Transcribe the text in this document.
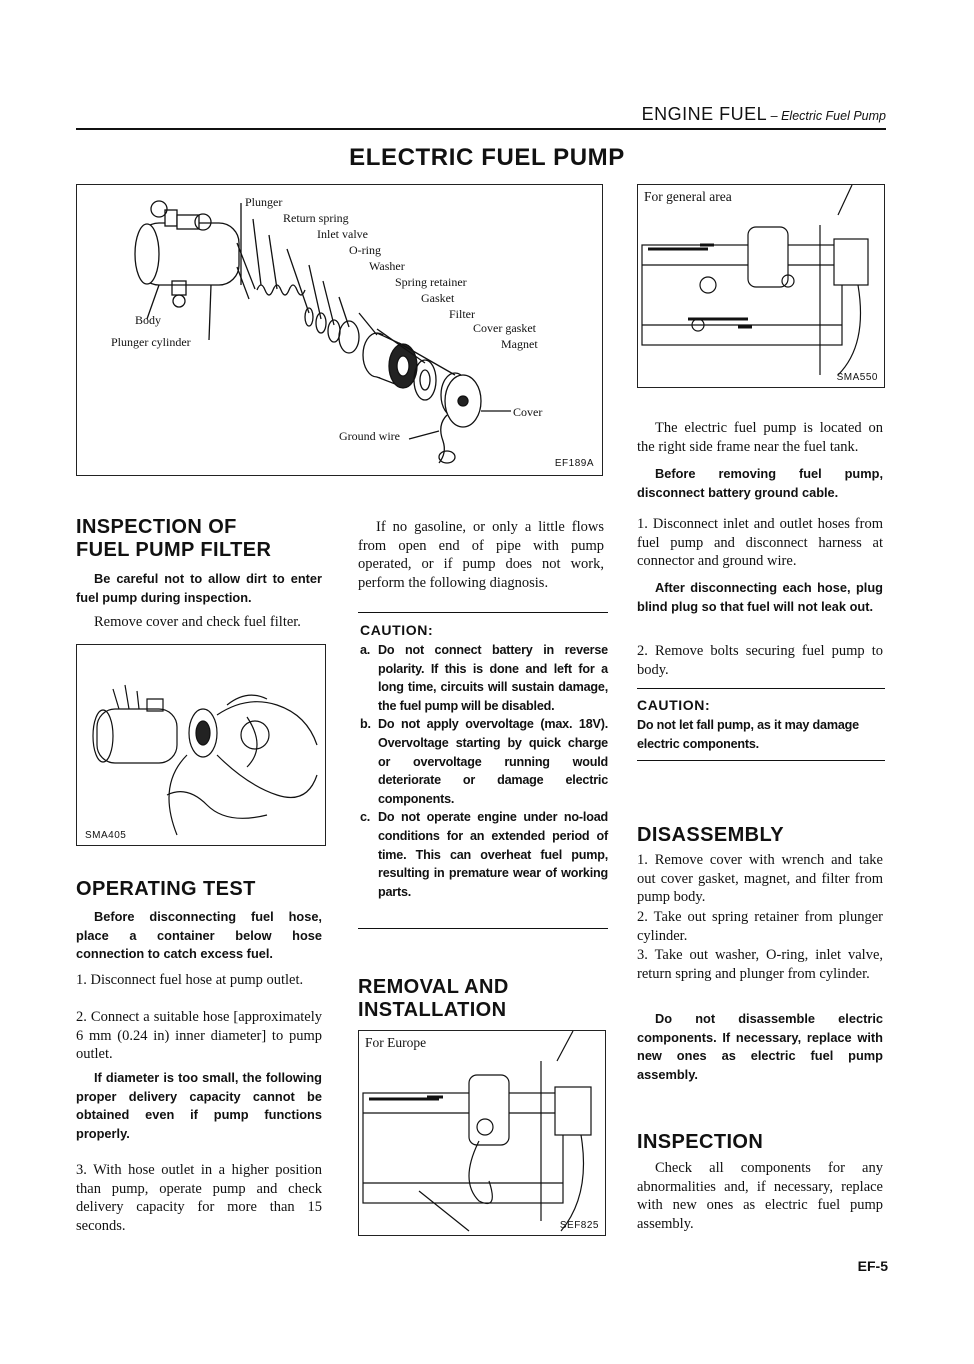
ENGINE FUEL – Electric Fuel Pump
ELECTRIC FUEL PUMP
Plunger
Return spring
Inlet valve
O-ring
Washer
Spring retainer
Gasket
Filter
Cover gasket
Magnet
Body
Plunger cylinder
Cover
Ground wire
EF189A
For general area
SMA550
The electric fuel pump is located on the right side frame near the fuel tank.
Before removing fuel pump, disconnect battery ground cable.
1. Disconnect inlet and outlet hoses from fuel pump and disconnect harness at connector and ground wire.
After disconnecting each hose, plug blind plug so that fuel will not leak out.
2. Remove bolts securing fuel pump to body.
CAUTION:
Do not let fall pump, as it may damage electric components.
DISASSEMBLY
1. Remove cover with wrench and take out cover gasket, magnet, and filter from pump body.
2. Take out spring retainer from plunger cylinder.
3. Take out washer, O-ring, inlet valve, return spring and plunger from cylinder.
Do not disassemble electric components. If necessary, replace with new ones as electric fuel pump assembly.
INSPECTION
Check all components for any abnormalities and, if necessary, replace with new ones as electric fuel pump assembly.
INSPECTION OF
FUEL PUMP FILTER
Be careful not to allow dirt to enter fuel pump during inspection.
Remove cover and check fuel filter.
SMA405
OPERATING TEST
Before disconnecting fuel hose, place a container below hose connection to catch excess fuel.
1. Disconnect fuel hose at pump outlet.
2. Connect a suitable hose [approximately 6 mm (0.24 in) inner diameter] to pump outlet.
If diameter is too small, the following proper delivery capacity cannot be obtained even if pump functions properly.
3. With hose outlet in a higher position than pump, operate pump and check delivery capacity for more than 15 seconds.
If no gasoline, or only a little flows from open end of pipe with pump operated, or if pump does not work, perform the following diagnosis.
CAUTION:
a. Do not connect battery in reverse polarity. If this is done and left for a long time, circuits will sustain damage, the fuel pump will be disabled.
b. Do not apply overvoltage (max. 18V). Overvoltage starting by quick charge or overvoltage running would deteriorate or damage electric components.
c. Do not operate engine under no-load conditions for an extended period of time. This can overheat fuel pump, resulting in premature wear of working parts.
REMOVAL AND
INSTALLATION
For Europe
SEF825
EF-5
